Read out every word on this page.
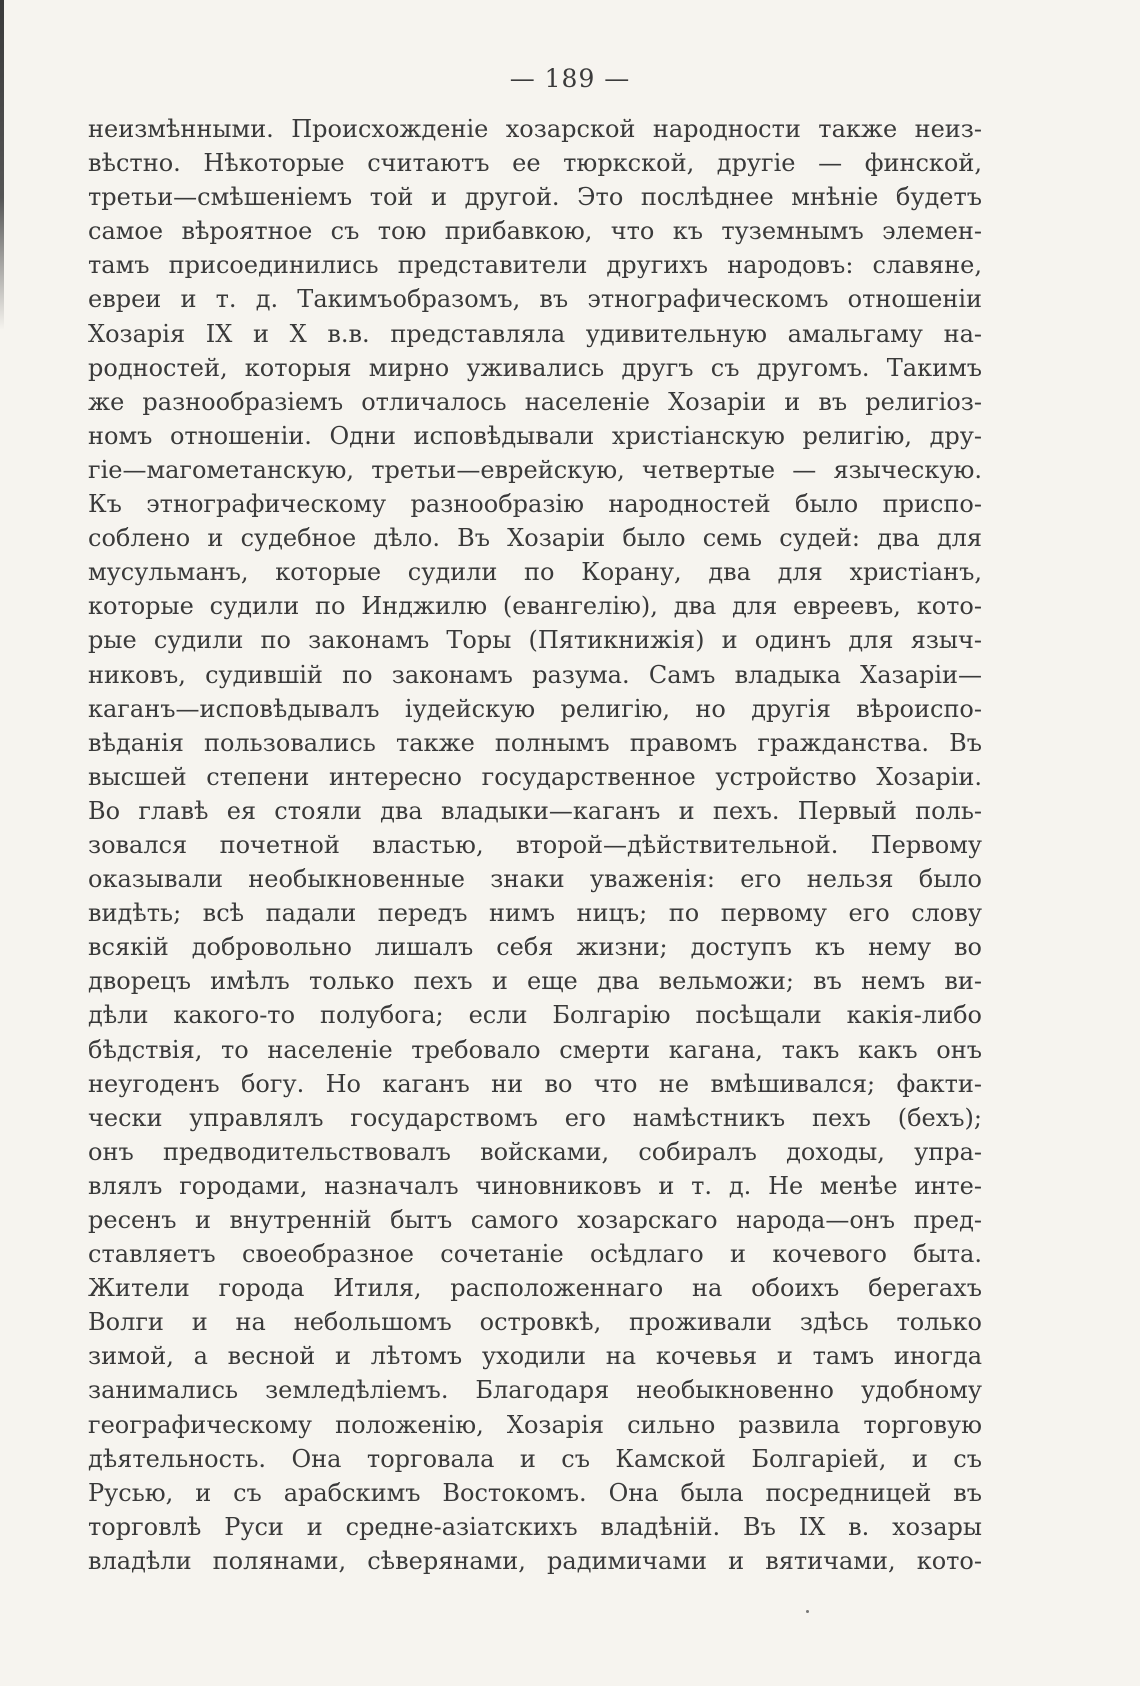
— 189 —
неизмѣнными. Происхожденіе хозарской народности также неиз-
вѣстно. Нѣкоторые считаютъ ее тюркской, другіе — финской,
третьи—смѣшеніемъ той и другой. Это послѣднее мнѣніе будетъ
самое вѣроятное съ тою прибавкою, что къ туземнымъ элемен-
тамъ присоединились представители другихъ народовъ: славяне,
евреи и т. д. Такимъобразомъ, въ этнографическомъ отношеніи
Хозарія IX и X в.в. представляла удивительную амальгаму на-
родностей, которыя мирно уживались другъ съ другомъ. Такимъ
же разнообразіемъ отличалось населеніе Хозаріи и въ религіоз-
номъ отношеніи. Одни исповѣдывали христіанскую религію, дру-
гіе—магометанскую, третьи—еврейскую, четвертые — языческую.
Къ этнографическому разнообразію народностей было приспо-
соблено и судебное дѣло. Въ Хозаріи было семь судей: два для
мусульманъ, которые судили по Корану, два для христіанъ,
которые судили по Инджилю (евангелію), два для евреевъ, кото-
рые судили по законамъ Торы (Пятикнижія) и одинъ для языч-
никовъ, судившій по законамъ разума. Самъ владыка Хазаріи—
каганъ—исповѣдывалъ іудейскую религію, но другія вѣроиспо-
вѣданія пользовались также полнымъ правомъ гражданства. Въ
высшей степени интересно государственное устройство Хозаріи.
Во главѣ ея стояли два владыки—каганъ и пехъ. Первый поль-
зовался почетной властью, второй—дѣйствительной. Первому
оказывали необыкновенные знаки уваженія: его нельзя было
видѣть; всѣ падали передъ нимъ ницъ; по первому его слову
всякій добровольно лишалъ себя жизни; доступъ къ нему во
дворецъ имѣлъ только пехъ и еще два вельможи; въ немъ ви-
дѣли какого-то полубога; если Болгарію посѣщали какія-либо
бѣдствія, то населеніе требовало смерти кагана, такъ какъ онъ
неугоденъ богу. Но каганъ ни во что не вмѣшивался; факти-
чески управлялъ государствомъ его намѣстникъ пехъ (бехъ);
онъ предводительствовалъ войсками, собиралъ доходы, упра-
влялъ городами, назначалъ чиновниковъ и т. д. Не менѣе инте-
ресенъ и внутренній бытъ самого хозарскаго народа—онъ пред-
ставляетъ своеобразное сочетаніе осѣдлаго и кочевого быта.
Жители города Итиля, расположеннаго на обоихъ берегахъ
Волги и на небольшомъ островкѣ, проживали здѣсь только
зимой, а весной и лѣтомъ уходили на кочевья и тамъ иногда
занимались земледѣліемъ. Благодаря необыкновенно удобному
географическому положенію, Хозарія сильно развила торговую
дѣятельность. Она торговала и съ Камской Болгаріей, и съ
Русью, и съ арабскимъ Востокомъ. Она была посредницей въ
торговлѣ Руси и средне-азіатскихъ владѣній. Въ IX в. хозары
владѣли полянами, сѣверянами, радимичами и вятичами, кото-
